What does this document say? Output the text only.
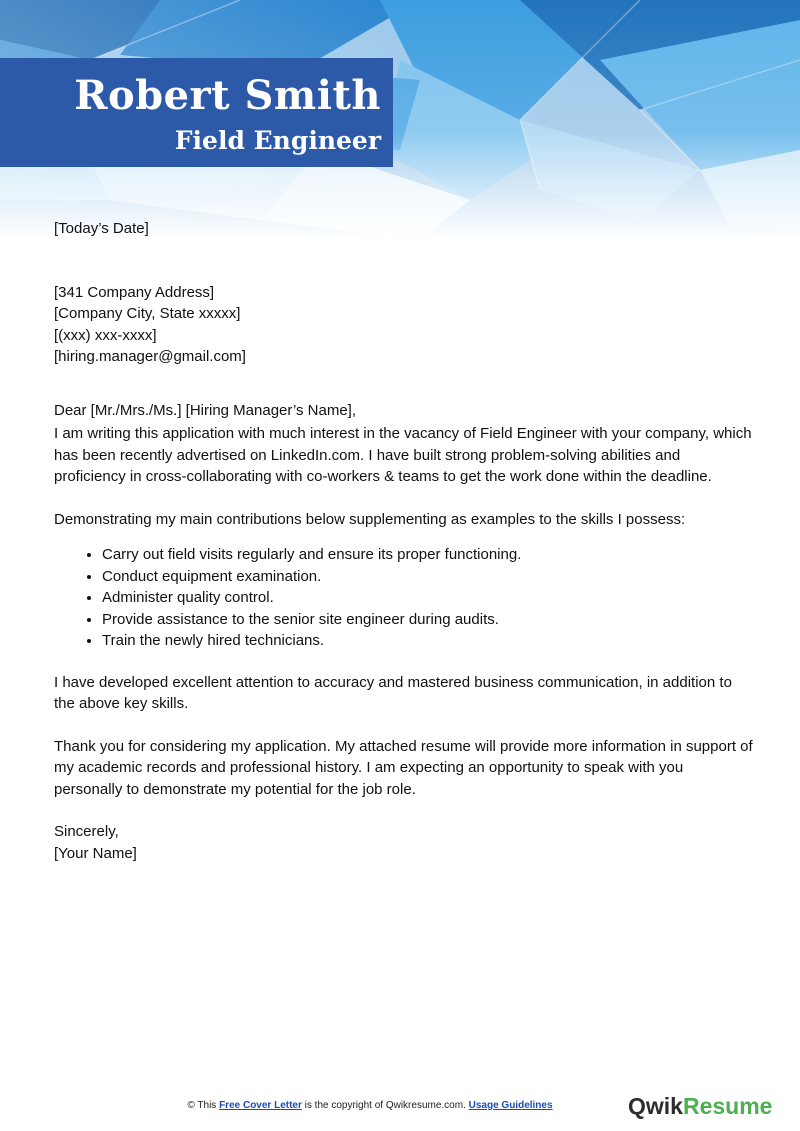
Robert Smith
Field Engineer

[Today’s Date]

[341 Company Address]

[Company City, State xxxxx]

[(xxx) xxx-xxxx]

[hiring.manager@gmail.com]

Dear [Mr./Mrs./Ms.] [Hiring Manager’s Name],

I am writing this application with much interest in the vacancy of Field Engineer with your company, which has been recently advertised on LinkedIn.com. I have built strong problem-solving abilities and proficiency in cross-collaborating with co-workers & teams to get the work done within the deadline.

Demonstrating my main contributions below supplementing as examples to the skills I possess:

• Carry out field visits regularly and ensure its proper functioning.
• Conduct equipment examination.
• Administer quality control.
• Provide assistance to the senior site engineer during audits.
• Train the newly hired technicians.

I have developed excellent attention to accuracy and mastered business communication, in addition to the above key skills.

Thank you for considering my application. My attached resume will provide more information in support of my academic records and professional history. I am expecting an opportunity to speak with you personally to demonstrate my potential for the job role.

Sincerely,

[Your Name]

© This Free Cover Letter is the copyright of Qwikresume.com. Usage Guidelines	QwikResume
